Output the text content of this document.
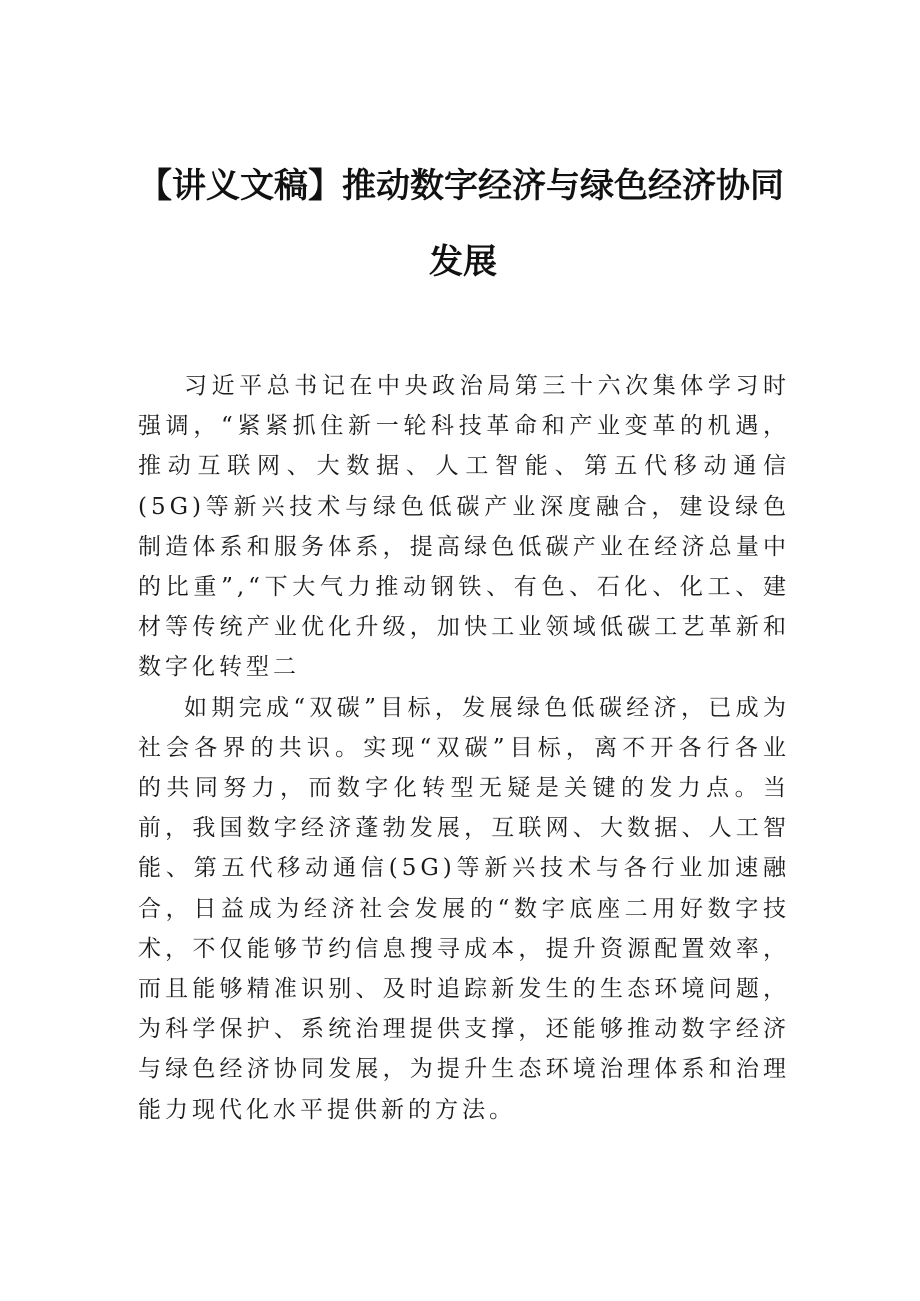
【讲义文稿】推动数字经济与绿色经济协同
发展

习近平总书记在中央政治局第三十六次集体学习时强调，“紧紧抓住新一轮科技革命和产业变革的机遇，推动互联网、大数据、人工智能、第五代移动通信(5G)等新兴技术与绿色低碳产业深度融合，建设绿色制造体系和服务体系，提高绿色低碳产业在经济总量中的比重”,“下大气力推动钢铁、有色、石化、化工、建材等传统产业优化升级，加快工业领域低碳工艺革新和数字化转型二

如期完成“双碳”目标，发展绿色低碳经济，已成为社会各界的共识。实现“双碳”目标，离不开各行各业的共同努力，而数字化转型无疑是关键的发力点。当前，我国数字经济蓬勃发展，互联网、大数据、人工智能、第五代移动通信(5G)等新兴技术与各行业加速融合，日益成为经济社会发展的“数字底座二用好数字技术，不仅能够节约信息搜寻成本，提升资源配置效率，而且能够精准识别、及时追踪新发生的生态环境问题，为科学保护、系统治理提供支撑，还能够推动数字经济与绿色经济协同发展，为提升生态环境治理体系和治理能力现代化水平提供新的方法。
